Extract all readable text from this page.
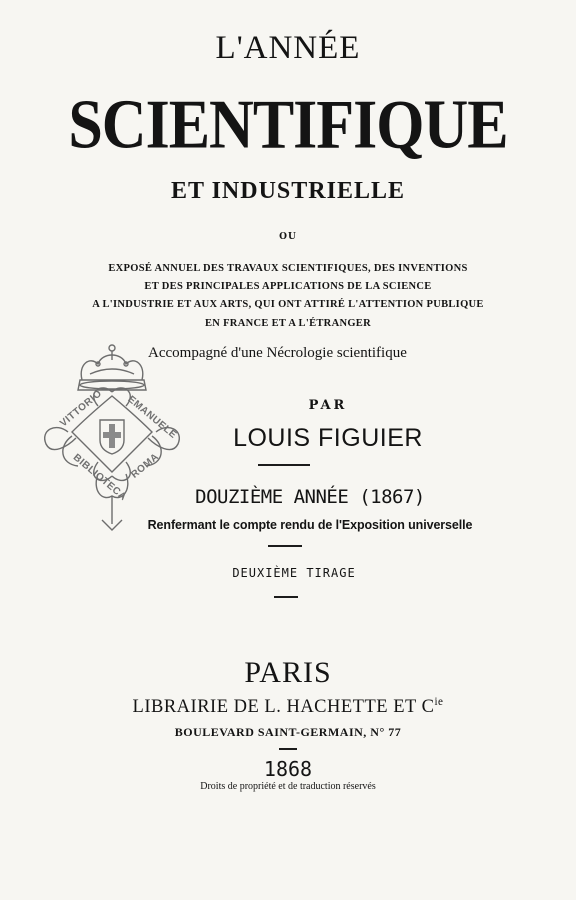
L'ANNÉE
SCIENTIFIQUE
ET INDUSTRIELLE
OU
EXPOSÉ ANNUEL DES TRAVAUX SCIENTIFIQUES, DES INVENTIONS
ET DES PRINCIPALES APPLICATIONS DE LA SCIENCE
A L'INDUSTRIE ET AUX ARTS, QUI ONT ATTIRÉ L'ATTENTION PUBLIQUE
EN FRANCE ET A L'ÉTRANGER
Accompagné d'une Nécrologie scientifique
PAR
LOUIS FIGUIER
DOUZIÈME ANNÉE (1867)
Renfermant le compte rendu de l'Exposition universelle
DEUXIÈME TIRAGE
PARIS
LIBRAIRIE DE L. HACHETTE ET $C^{ie}$
BOULEVARD SAINT-GERMAIN, N° 77
1868
Droits de propriété et de traduction réservés
VITTORIO EMANUELE
BIBLIOTECA ROMA
